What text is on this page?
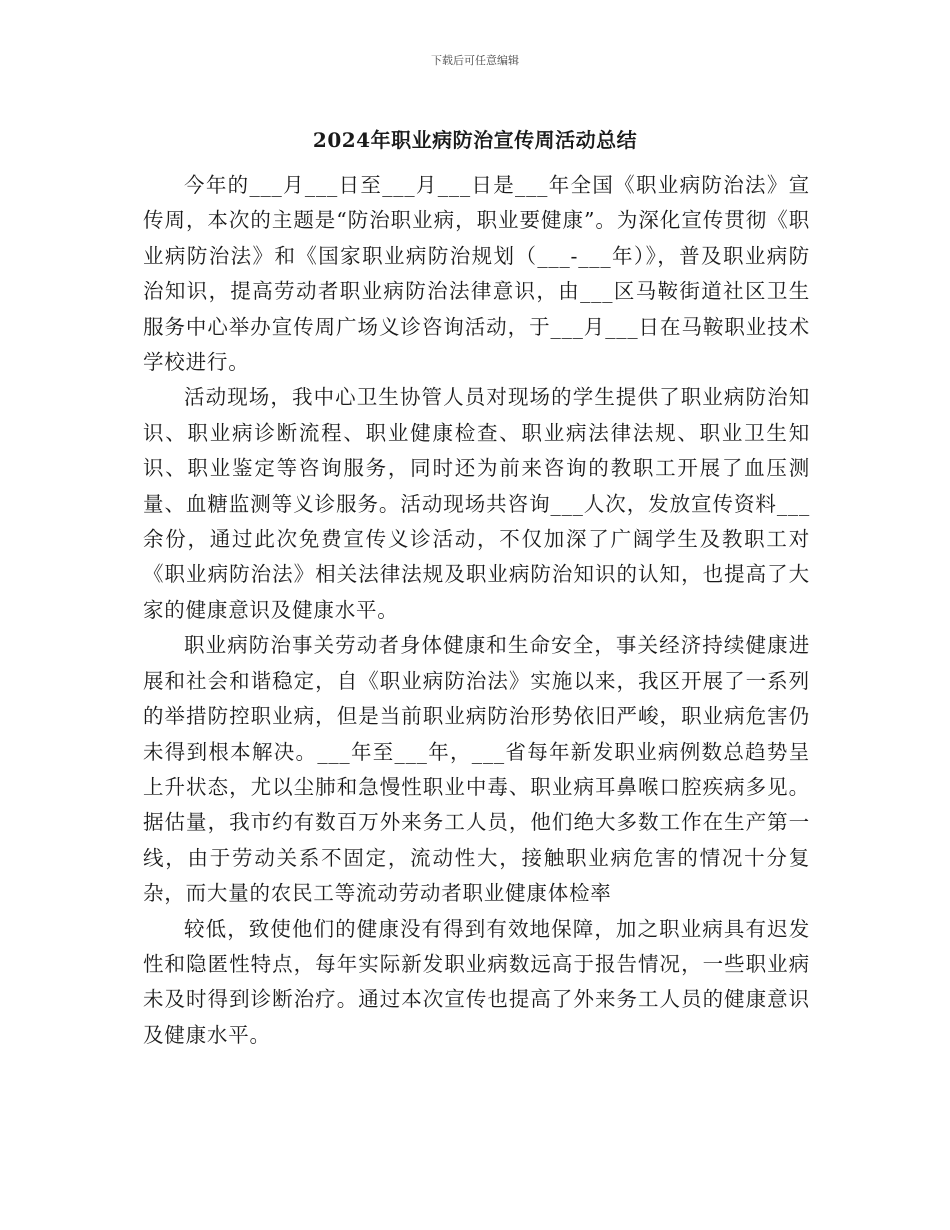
下载后可任意编辑
2024年职业病防治宣传周活动总结

今年的___月___日至___月___日是___年全国《职业病防治法》宣传周，本次的主题是“防治职业病，职业要健康”。为深化宣传贯彻《职业病防治法》和《国家职业病防治规划（___-___年）》，普及职业病防治知识，提高劳动者职业病防治法律意识，由___区马鞍街道社区卫生服务中心举办宣传周广场义诊咨询活动，于___月___日在马鞍职业技术学校进行。

活动现场，我中心卫生协管人员对现场的学生提供了职业病防治知识、职业病诊断流程、职业健康检查、职业病法律法规、职业卫生知识、职业鉴定等咨询服务，同时还为前来咨询的教职工开展了血压测量、血糖监测等义诊服务。活动现场共咨询___人次，发放宣传资料___余份，通过此次免费宣传义诊活动，不仅加深了广阔学生及教职工对《职业病防治法》相关法律法规及职业病防治知识的认知，也提高了大家的健康意识及健康水平。

职业病防治事关劳动者身体健康和生命安全，事关经济持续健康进展和社会和谐稳定，自《职业病防治法》实施以来，我区开展了一系列的举措防控职业病，但是当前职业病防治形势依旧严峻，职业病危害仍未得到根本解决。___年至___年，___省每年新发职业病例数总趋势呈上升状态，尤以尘肺和急慢性职业中毒、职业病耳鼻喉口腔疾病多见。据估量，我市约有数百万外来务工人员，他们绝大多数工作在生产第一线，由于劳动关系不固定，流动性大，接触职业病危害的情况十分复杂，而大量的农民工等流动劳动者职业健康体检率

较低，致使他们的健康没有得到有效地保障，加之职业病具有迟发性和隐匿性特点，每年实际新发职业病数远高于报告情况，一些职业病未及时得到诊断治疗。通过本次宣传也提高了外来务工人员的健康意识及健康水平。
